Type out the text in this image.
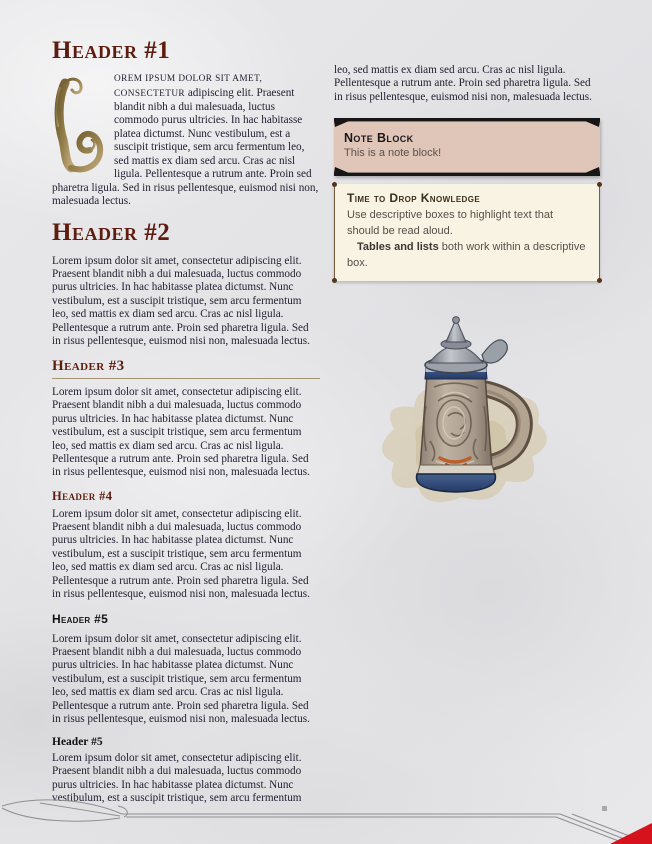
Header #1

OREM IPSUM DOLOR SIT AMET, CONSECTETUR adipiscing elit. Praesent blandit nibh a dui malesuada, luctus commodo purus ultricies. In hac habitasse platea dictumst. Nunc vestibulum, est a suscipit tristique, sem arcu fermentum leo, sed mattis ex diam sed arcu. Cras ac nisl ligula. Pellentesque a rutrum ante. Proin sed pharetra ligula. Sed in risus pellentesque, euismod nisi non, malesuada lectus.

Header #2

Lorem ipsum dolor sit amet, consectetur adipiscing elit. Praesent blandit nibh a dui malesuada, luctus commodo purus ultricies. In hac habitasse platea dictumst. Nunc vestibulum, est a suscipit tristique, sem arcu fermentum leo, sed mattis ex diam sed arcu. Cras ac nisl ligula. Pellentesque a rutrum ante. Proin sed pharetra ligula. Sed in risus pellentesque, euismod nisi non, malesuada lectus.

Header #3

Lorem ipsum dolor sit amet, consectetur adipiscing elit. Praesent blandit nibh a dui malesuada, luctus commodo purus ultricies. In hac habitasse platea dictumst. Nunc vestibulum, est a suscipit tristique, sem arcu fermentum leo, sed mattis ex diam sed arcu. Cras ac nisl ligula. Pellentesque a rutrum ante. Proin sed pharetra ligula. Sed in risus pellentesque, euismod nisi non, malesuada lectus.

Header #4

Lorem ipsum dolor sit amet, consectetur adipiscing elit. Praesent blandit nibh a dui malesuada, luctus commodo purus ultricies. In hac habitasse platea dictumst. Nunc vestibulum, est a suscipit tristique, sem arcu fermentum leo, sed mattis ex diam sed arcu. Cras ac nisl ligula. Pellentesque a rutrum ante. Proin sed pharetra ligula. Sed in risus pellentesque, euismod nisi non, malesuada lectus.

Header #5

Lorem ipsum dolor sit amet, consectetur adipiscing elit. Praesent blandit nibh a dui malesuada, luctus commodo purus ultricies. In hac habitasse platea dictumst. Nunc vestibulum, est a suscipit tristique, sem arcu fermentum leo, sed mattis ex diam sed arcu. Cras ac nisl ligula. Pellentesque a rutrum ante. Proin sed pharetra ligula. Sed in risus pellentesque, euismod nisi non, malesuada lectus.

Header #5

Lorem ipsum dolor sit amet, consectetur adipiscing elit. Praesent blandit nibh a dui malesuada, luctus commodo purus ultricies. In hac habitasse platea dictumst. Nunc vestibulum, est a suscipit tristique, sem arcu fermentum

leo, sed mattis ex diam sed arcu. Cras ac nisl ligula. Pellentesque a rutrum ante. Proin sed pharetra ligula. Sed in risus pellentesque, euismod nisi non, malesuada lectus.

Note Block
This is a note block!
Time to Drop Knowledge

Use descriptive boxes to highlight text that should be read aloud.

Tables and lists both work within a descriptive box.
